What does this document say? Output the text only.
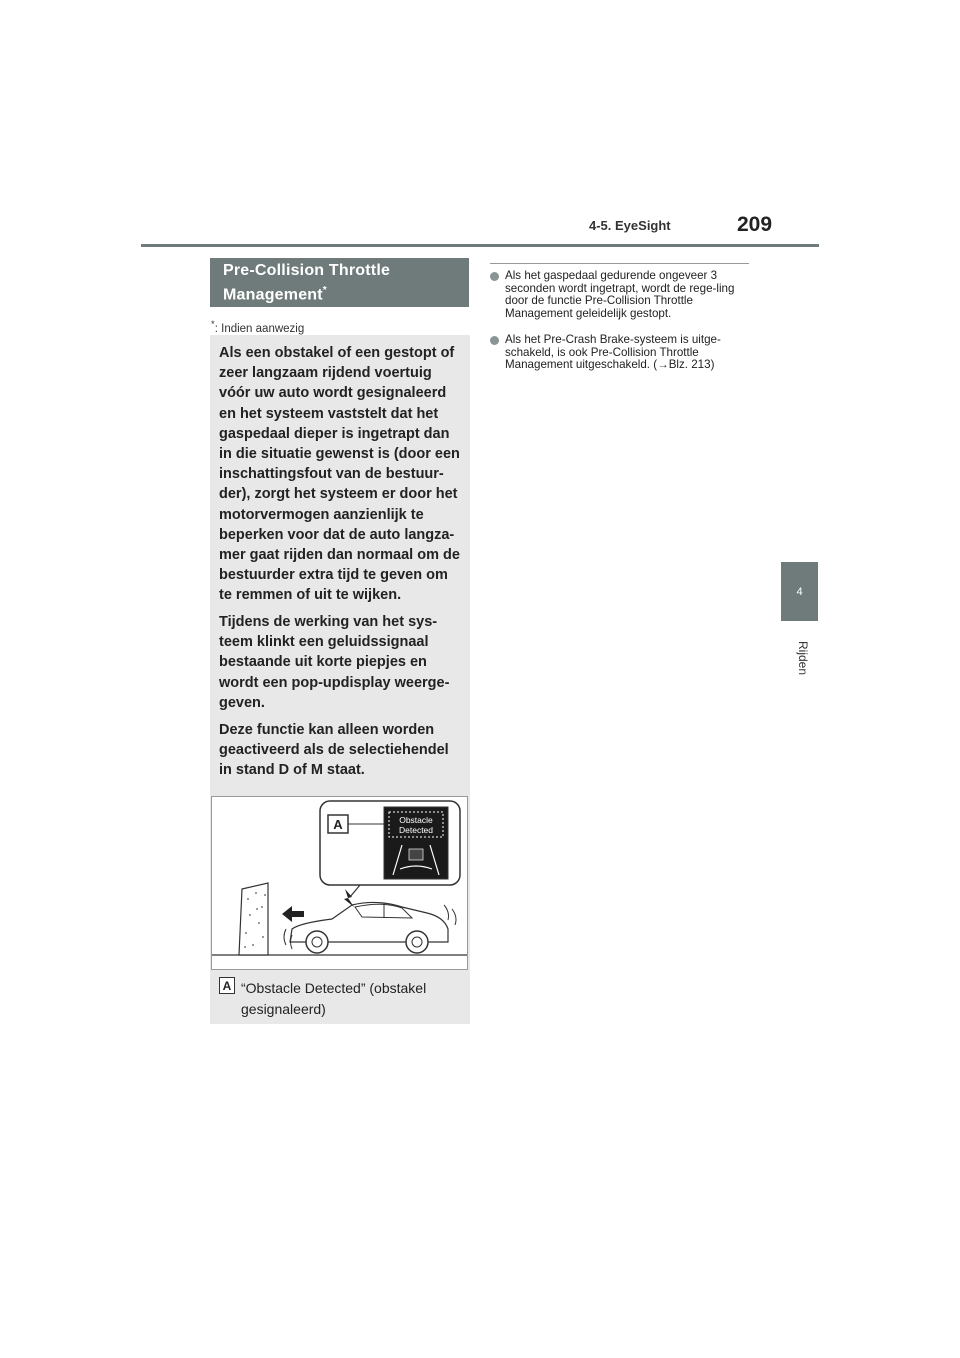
4-5. EyeSight	209
4
Rijden
Pre-Collision Throttle
Management*
*: Indien aanwezig

Als een obstakel of een gestopt of zeer langzaam rijdend voertuig vóór uw auto wordt gesignaleerd en het systeem vaststelt dat het gaspedaal dieper is ingetrapt dan in die situatie gewenst is (door een inschattingsfout van de bestuur-der), zorgt het systeem er door het motorvermogen aanzienlijk te beperken voor dat de auto langza-mer gaat rijden dan normaal om de bestuurder extra tijd te geven om te remmen of uit te wijken.

Tijdens de werking van het sys-teem klinkt een geluidssignaal bestaande uit korte piepjes en wordt een pop-updisplay weerge-geven.

Deze functie kan alleen worden geactiveerd als de selectiehendel in stand D of M staat.

A	Obstacle
Detected
A “Obstacle Detected” (obstakel gesignaleerd)
Als het gaspedaal gedurende ongeveer 3 seconden wordt ingetrapt, wordt de rege-ling door de functie Pre-Collision Throttle Management geleidelijk gestopt.
Als het Pre-Crash Brake-systeem is uitge-schakeld, is ook Pre-Collision Throttle Management uitgeschakeld. (→Blz. 213)
